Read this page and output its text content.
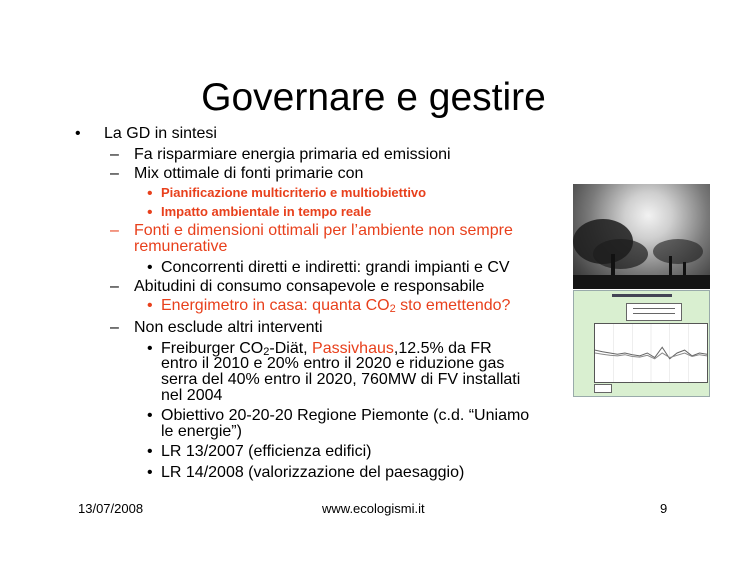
Governare e gestire
• La GD in sintesi
– Fa risparmiare energia primaria ed emissioni
– Mix ottimale di fonti primarie con
• Pianificazione multicriterio e multiobiettivo
• Impatto ambientale in tempo reale
– Fonti e dimensioni ottimali per l’ambiente non sempre
remunerative
• Concorrenti diretti e indiretti: grandi impianti e CV
– Abitudini di consumo consapevole e responsabile
• Energimetro in casa: quanta $CO_2$ sto emettendo?
– Non esclude altri interventi
• Freiburger $CO_2$-Diät, Passivhaus,12.5% da FR
entro il 2010 e 20% entro il 2020 e riduzione gas
serra del 40% entro il 2020, 760MW di FV installati
nel 2004
• Obiettivo 20-20-20 Regione Piemonte (c.d. “Uniamo
le energie”)
• LR 13/2007 (efficienza edifici)
• LR 14/2008 (valorizzazione del paesaggio)
13/07/2008	www.ecologismi.it	9
